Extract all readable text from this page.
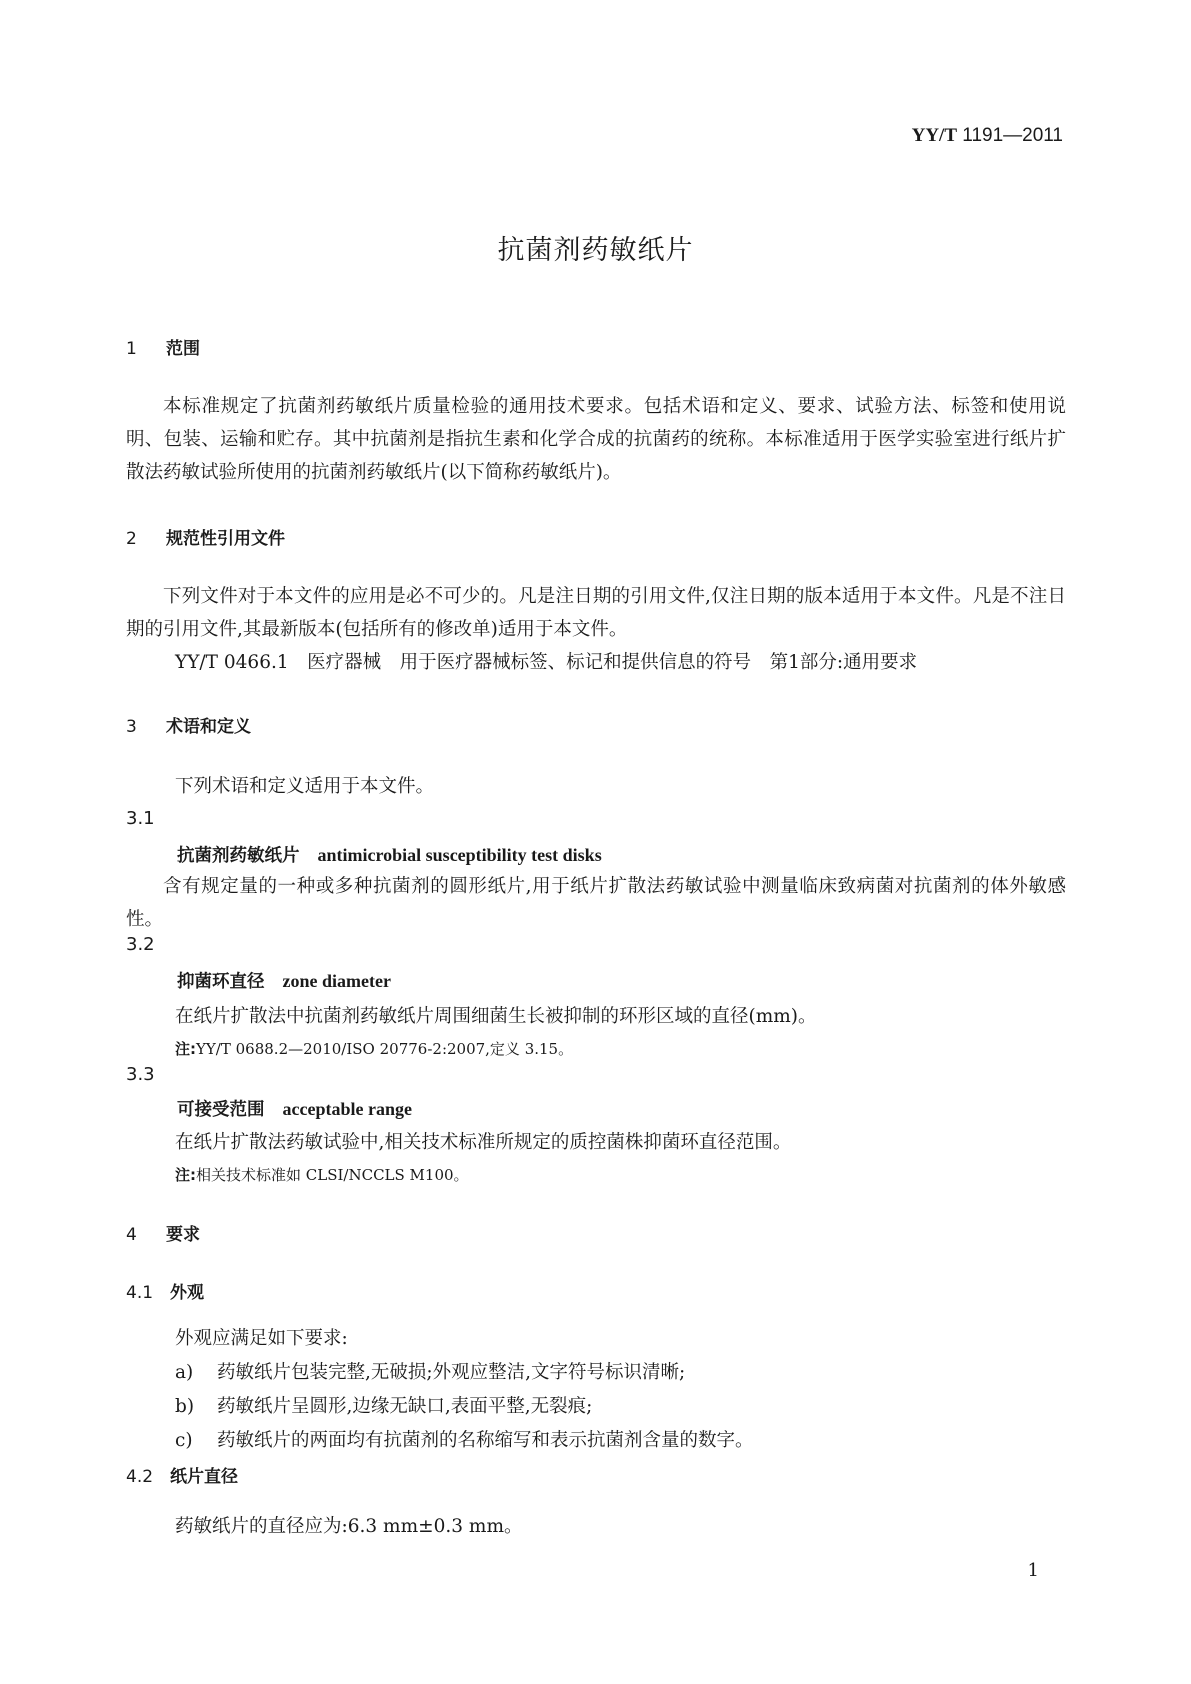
YY/T 1191—2011
抗菌剂药敏纸片
1 范围
本标准规定了抗菌剂药敏纸片质量检验的通用技术要求。包括术语和定义、要求、试验方法、标签和使用说明、包装、运输和贮存。其中抗菌剂是指抗生素和化学合成的抗菌药的统称。本标准适用于医学实验室进行纸片扩散法药敏试验所使用的抗菌剂药敏纸片(以下简称药敏纸片)。
2 规范性引用文件
下列文件对于本文件的应用是必不可少的。凡是注日期的引用文件,仅注日期的版本适用于本文件。凡是不注日期的引用文件,其最新版本(包括所有的修改单)适用于本文件。
YY/T 0466.1　医疗器械　用于医疗器械标签、标记和提供信息的符号　第1部分:通用要求
3 术语和定义
下列术语和定义适用于本文件。
3.1
抗菌剂药敏纸片 antimicrobial susceptibility test disks
含有规定量的一种或多种抗菌剂的圆形纸片,用于纸片扩散法药敏试验中测量临床致病菌对抗菌剂的体外敏感性。
3.2
抑菌环直径 zone diameter
在纸片扩散法中抗菌剂药敏纸片周围细菌生长被抑制的环形区域的直径(mm)。
注:YY/T 0688.2—2010/ISO 20776-2:2007,定义 3.15。
3.3
可接受范围 acceptable range
在纸片扩散法药敏试验中,相关技术标准所规定的质控菌株抑菌环直径范围。
注:相关技术标准如 CLSI/NCCLS M100。
4 要求
4.1 外观
外观应满足如下要求:
a) 药敏纸片包装完整,无破损;外观应整洁,文字符号标识清晰;
b) 药敏纸片呈圆形,边缘无缺口,表面平整,无裂痕;
c) 药敏纸片的两面均有抗菌剂的名称缩写和表示抗菌剂含量的数字。
4.2 纸片直径
药敏纸片的直径应为:6.3 mm±0.3 mm。
1
